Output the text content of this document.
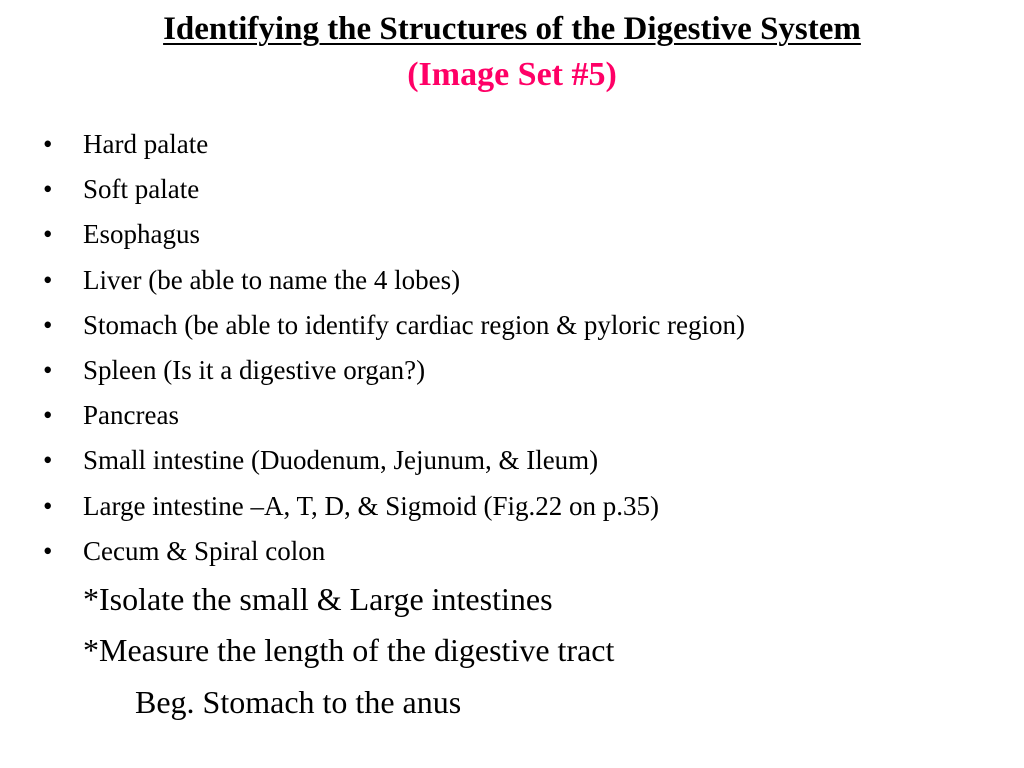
Identifying the Structures of the Digestive System
(Image Set #5)
• Hard palate
• Soft palate
• Esophagus
• Liver (be able to name the 4 lobes)
• Stomach (be able to identify cardiac region & pyloric region)
• Spleen (Is it a digestive organ?)
• Pancreas
• Small intestine (Duodenum, Jejunum, & Ileum)
• Large intestine –A, T, D, & Sigmoid (Fig.22 on p.35)
• Cecum & Spiral colon
*Isolate the small & Large intestines
*Measure the length of the digestive tract
Beg. Stomach to the anus
